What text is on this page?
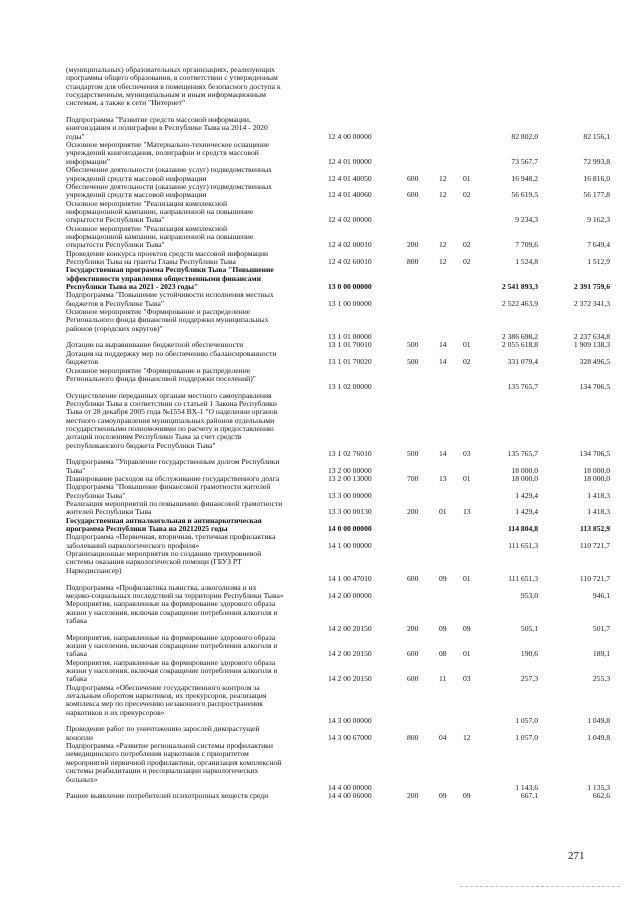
(муниципальных) образовательных организациях, реализующих
программы общего образования, в соответствии с утвержденным
стандартом для обеспечения в помещениях безопасного доступа к
государственным, муниципальным и иным информационным
системам, а также к сети "Интернет"
Подпрограмма "Развитие средств массовой информации,
книгоиздания и полиграфии в Республике Тыва на 2014 - 2020
годы"	12 4 00 00000	82 802,0	82 156,1
Основное мероприятие "Материально-техническое оснащение
учреждений книгоиздания, полиграфии и средств массовой
информации"	12 4 01 00000	73 567,7	72 993,8
Обеспечение деятельности (оказание услуг) подведомственных
учреждений средств массовой информации	12 4 01 40050	600	12 01	16 948,2	16 816,0
Обеспечение деятельности (оказание услуг) подведомственных
учреждений средств массовой информации	12 4 01 40060	600	12 02	56 619,5	56 177,8
Основное мероприятие "Реализация комплексной
информационной кампании, направленной на повышение
открытости Республики Тыва"	12 4 02 00000	9 234,3	9 162,3
Основное мероприятие "Реализация комплексной
информационной кампании, направленной на повышение
открытости Республики Тыва"	12 4 02 00010	200	12 02	7 709,6	7 649,4
Проведение конкурса проектов средств массовой информации
Республики Тыва на гранты Главы Республики Тыва	12 4 02 60010	800	12 02	1 524,8	1 512,9
Государственная программа Республики Тыва "Повышение
эффективности управления общественными финансами
Республики Тыва на 2021 - 2023 годы"	13 0 00 00000	2 541 893,3	2 391 759,6
Подпрограмма "Повышение устойчивости исполнения местных
бюджетов в Республике Тыва"	13 1 00 00000	2 522 463,9	2 372 341,3
Основное мероприятие "Формирование и распределение
Регионального фонда финансовой поддержки муниципальных
районов (городских округов)"
13 1 01 00000	2 386 698,2	2 237 634,8
Дотации на выравнивание бюджетной обеспеченности	13 1 01 70010	500	14 01	2 055 618,8	1 909 138,3
Дотация на поддержку мер по обеспечению сбалансированности
бюджетов	13 1 01 70020	500	14 02	331 079,4	328 496,5
Основное мероприятие "Формирование и распределение
Регионального фонда финансовой поддержки поселений)"
13 1 02 00000	135 765,7	134 706,5
Осуществление переданных органам местного самоуправления
Республики Тыва в соответствии со статьей 1 Закона Республики
Тыва от 28 декабря 2005 года №1554 ВХ-1 "О наделении органов
местного самоуправления муниципальных районов отдельными
государственными полномочиями по расчету и предоставлению
дотаций поселениям Республики Тыва за счет средств
республиканского бюджета Республики Тыва"
13 1 02 76010	500	14 03	135 765,7	134 706,5
Подпрограмма "Управление государственным долгом Республики
Тыва"	13 2 00 00000	18 000,0	18 000,0
Планирование расходов на обслуживание государственного долга	13 2 00 13000	700	13 01	18 000,0	18 000,0
Подпрограмма "Повышение финансовой грамотности жителей
Республики Тыва"	13 3 00 00000	1 429,4	1 418,3
Реализация мероприятий по повышению финансовой грамотности
жителей Республики Тыва	13 3 00 00130	200	01 13	1 429,4	1 418,3
Государственная антиалкогольная и антинаркотическая
программа Республики Тыва на 20212025 годы	14 0 00 00000	114 804,8	113 852,9
Подпрограмма «Первичная, вторичная, третичная профилактика
заболеваний наркологического профиля»	14 1 00 00000	111 651,3	110 721,7
Организационные мероприятия по созданию трехуровневой
системы оказания наркологической помощи (ГБУЗ РТ
Наркодиспансер)
14 1 00 47010	600	09 01	111 651,3	110 721,7
Подпрограмма «Профилактика пьянства, алкоголизма и их
медико-социальных последствий на территории Республики Тыва»	14 2 00 00000	953,0	946,1
Мероприятия, направленные на формирование здорового образа
жизни у населения, включая сокращение потребления алкоголя и
табака
14 2 00 20150	200	09 09	505,1	501,7
Мероприятия, направленные на формирование здорового образа
жизни у населения, включая сокращение потребления алкоголя и
табака	14 2 00 20150	600	08 01	190,6	189,1
Мероприятия, направленные на формирование здорового образа
жизни у населения, включая сокращение потребления алкоголя и
табака	14 2 00 20150	600	11 03	257,3	255,3
Подпрограмма «Обеспечение государственного контроля за
легальным оборотом наркотиков, их прекурсоров, реализация
комплекса мер по пресечению незаконного распространения
наркотиков и их прекурсоров»
14 3 00 00000	1 057,0	1 049,8
Проведение работ по уничтожению зарослей дикорастущей
конопли	14 3 00 67000	800	04 12	1 057,0	1 049,8
Подпрограмма «Развитие региональной системы профилактики
немедицинского потребления наркотиков с приоритетом
мероприятий первичной профилактики, организация комплексной
системы реабилитации и ресоциализации наркологических
больных»
14 4 00 00000	1 143,6	1 135,3
Раннее выявление потребителей психотропных веществ среди	14 4 00 06000	200	09 09	667,1	662,6
271
